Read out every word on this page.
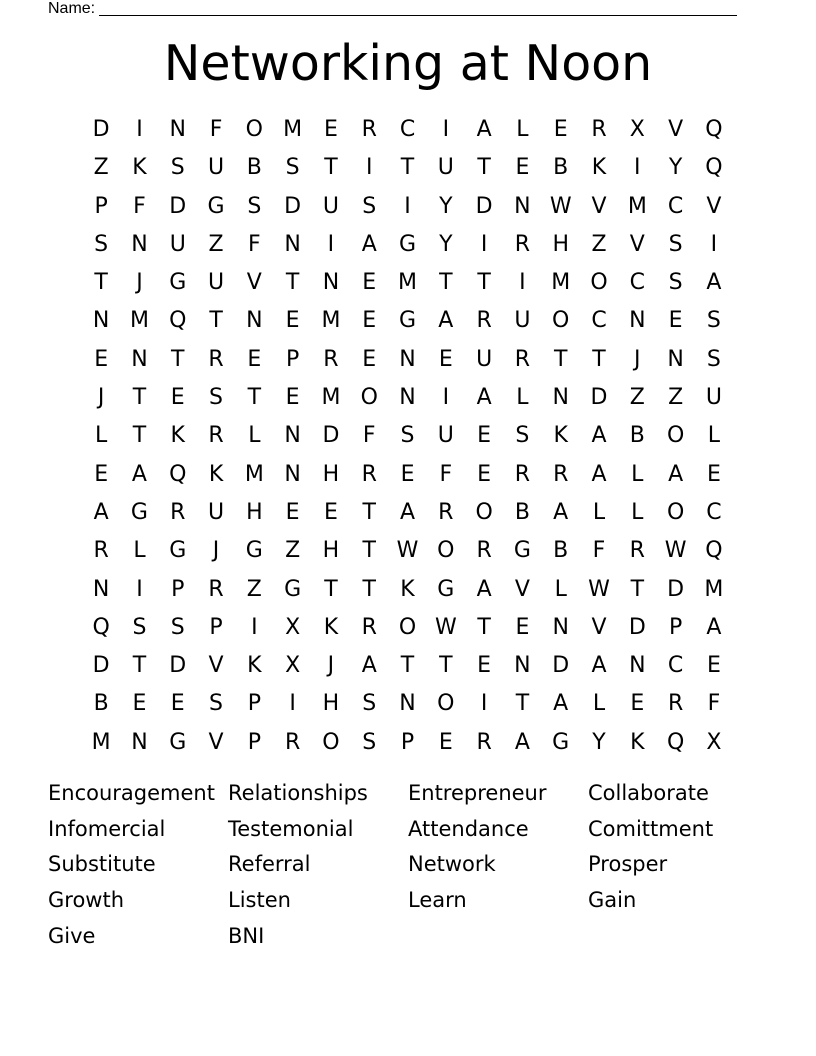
Name:
Networking at Noon
D	I	N	F	O M E	R	C	I	A	L	E	R	X	V	Q
Z	K	S	U	B	S	T	I	T	U	T	E	B	K	I	Y	Q
P	F	D G	S	D U	S	I	Y	D N W V M C	V
S	N	U	Z	F	N	I	A	G	Y	I	R	H	Z	V	S	I
T	J	G U	V	T	N	E M	T	T	I	M O C	S	A
N M Q	T	N	E M E	G	A	R	U O C	N	E	S
E	N	T	R	E	P	R	E	N	E	U	R	T	T	J	N	S
J	T	E	S	T	E M O N	I	A	L	N D	Z	Z	U
L	T	K	R	L	N D	F	S	U	E	S	K	A	B	O	L
E	A	Q	K M N H	R	E	F	E	R	R	A	L	A	E
A	G	R	U H	E	E	T	A	R O	B	A	L	L	O C
R	L	G	J	G	Z	H	T W O R	G	B	F	R W Q
N	I	P	R	Z	G	T	T	K	G	A	V	L W T	D M
Q	S	S	P	I	X	K	R O W T	E	N	V	D	P	A
D	T	D	V	K	X	J	A	T	T	E	N D	A	N	C	E
B	E	E	S	P	I	H	S	N O	I	T	A	L	E	R	F
M N G	V	P	R O	S	P	E	R	A	G	Y	K	Q	X
Encouragement Relationships	Entrepreneur	Collaborate
Infomercial	Testemonial	Attendance	Comittment
Substitute	Referral	Network	Prosper
Growth	Listen	Learn	Gain
Give	BNI
